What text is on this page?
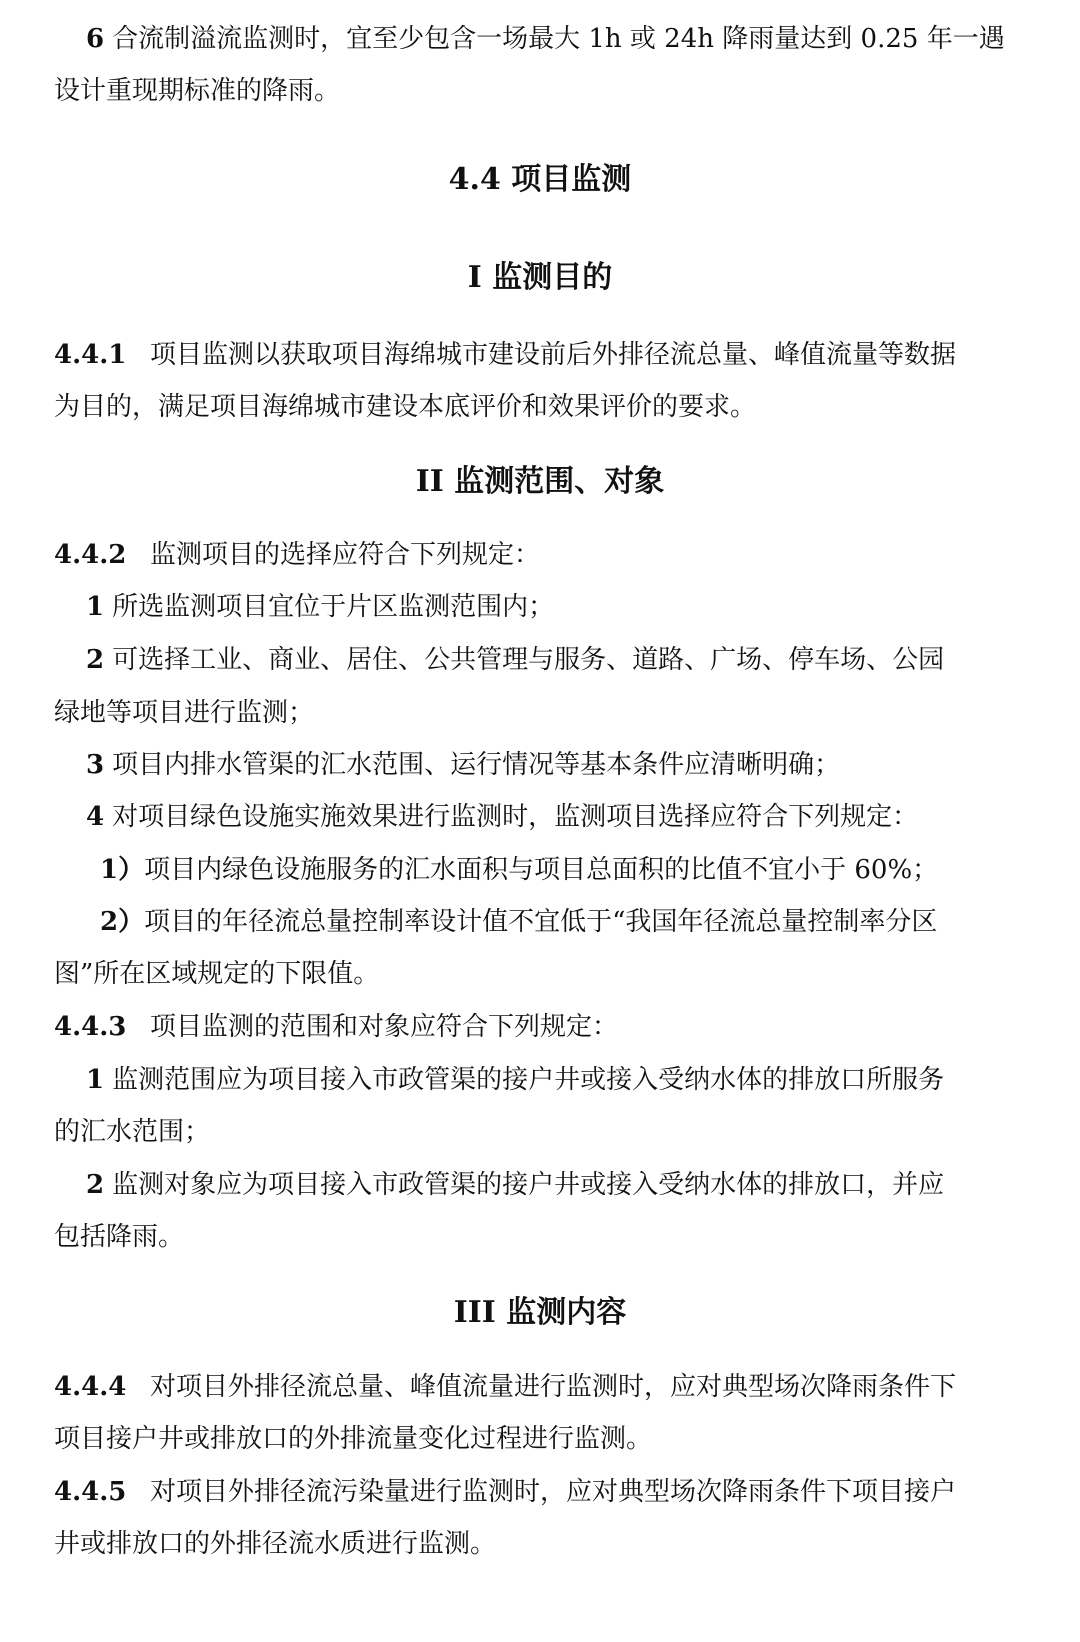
6 合流制溢流监测时，宜至少包含一场最大 1h 或 24h 降雨量达到 0.25 年一遇
设计重现期标准的降雨。
4.4 项目监测
Ⅰ 监测目的
4.4.1 项目监测以获取项目海绵城市建设前后外排径流总量、峰值流量等数据
为目的，满足项目海绵城市建设本底评价和效果评价的要求。
II 监测范围、对象
4.4.2 监测项目的选择应符合下列规定：
1 所选监测项目宜位于片区监测范围内；
2 可选择工业、商业、居住、公共管理与服务、道路、广场、停车场、公园
绿地等项目进行监测；
3 项目内排水管渠的汇水范围、运行情况等基本条件应清晰明确；
4 对项目绿色设施实施效果进行监测时，监测项目选择应符合下列规定：
1）项目内绿色设施服务的汇水面积与项目总面积的比值不宜小于 60%；
2）项目的年径流总量控制率设计值不宜低于“我国年径流总量控制率分区
图”所在区域规定的下限值。
4.4.3 项目监测的范围和对象应符合下列规定：
1 监测范围应为项目接入市政管渠的接户井或接入受纳水体的排放口所服务
的汇水范围；
2 监测对象应为项目接入市政管渠的接户井或接入受纳水体的排放口，并应
包括降雨。
III 监测内容
4.4.4 对项目外排径流总量、峰值流量进行监测时，应对典型场次降雨条件下
项目接户井或排放口的外排流量变化过程进行监测。
4.4.5 对项目外排径流污染量进行监测时，应对典型场次降雨条件下项目接户
井或排放口的外排径流水质进行监测。
